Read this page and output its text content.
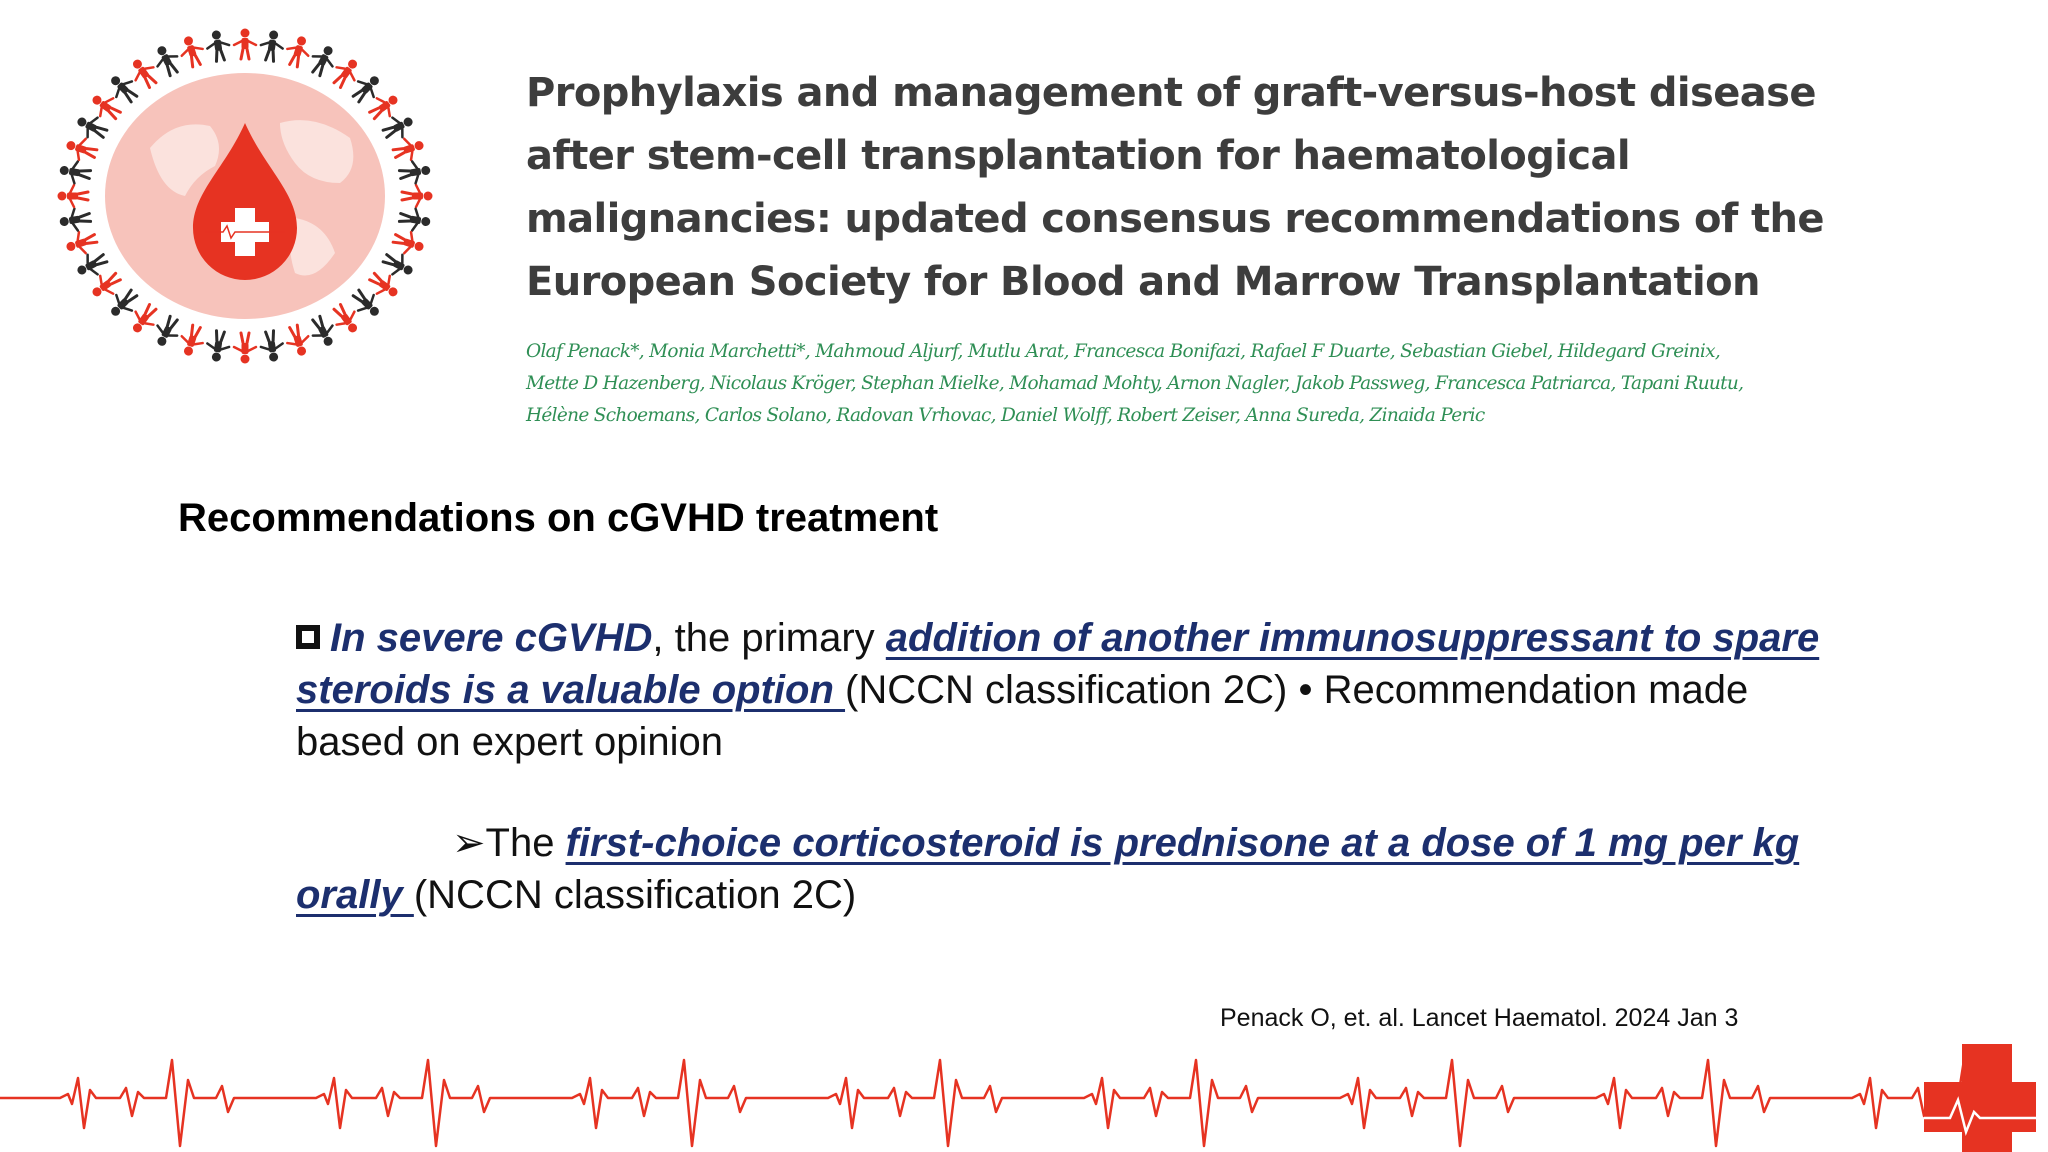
Prophylaxis and management of graft-versus-host disease
after stem-cell transplantation for haematological
malignancies: updated consensus recommendations of the
European Society for Blood and Marrow Transplantation
Olaf Penack*, Monia Marchetti*, Mahmoud Aljurf, Mutlu Arat, Francesca Bonifazi, Rafael F Duarte, Sebastian Giebel, Hildegard Greinix,
Mette D Hazenberg, Nicolaus Kröger, Stephan Mielke, Mohamad Mohty, Arnon Nagler, Jakob Passweg, Francesca Patriarca, Tapani Ruutu,
Hélène Schoemans, Carlos Solano, Radovan Vrhovac, Daniel Wolff, Robert Zeiser, Anna Sureda, Zinaida Peric
Recommendations on cGVHD treatment
In severe cGVHD, the primary addition of another immunosuppressant to spare steroids is a valuable option (NCCN classification 2C) • Recommendation made based on expert opinion
➢The first-choice corticosteroid is prednisone at a dose of 1 mg per kg orally (NCCN classification 2C)
Penack O, et. al. Lancet Haematol. 2024 Jan 3
